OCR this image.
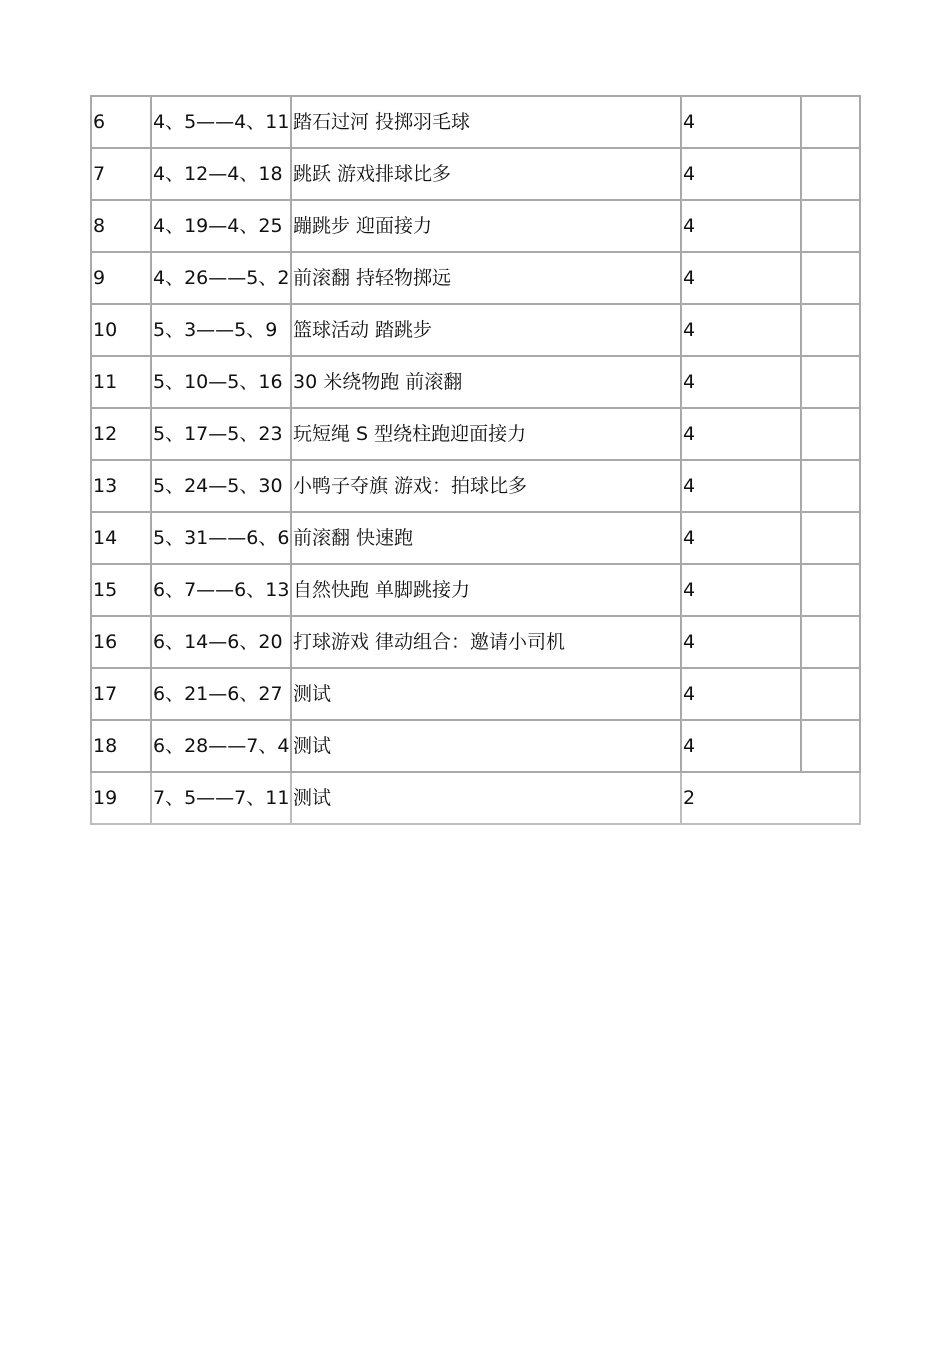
6	4、5——4、11	踏石过河 投掷羽毛球	4	
7	4、12—4、18	跳跃 游戏排球比多	4	
8	4、19—4、25	蹦跳步 迎面接力	4	
9	4、26——5、2	前滚翻 持轻物掷远	4	
10	5、3——5、9	篮球活动 踏跳步	4	
11	5、10—5、16	30 米绕物跑 前滚翻	4	
12	5、17—5、23	玩短绳 S 型绕柱跑迎面接力	4	
13	5、24—5、30	小鸭子夺旗 游戏：拍球比多	4	
14	5、31——6、6	前滚翻 快速跑	4	
15	6、7——6、13	自然快跑 单脚跳接力	4	
16	6、14—6、20	打球游戏 律动组合：邀请小司机	4	
17	6、21—6、27	测试	4	
18	6、28——7、4	测试	4	
19	7、5——7、11	测试	2	
